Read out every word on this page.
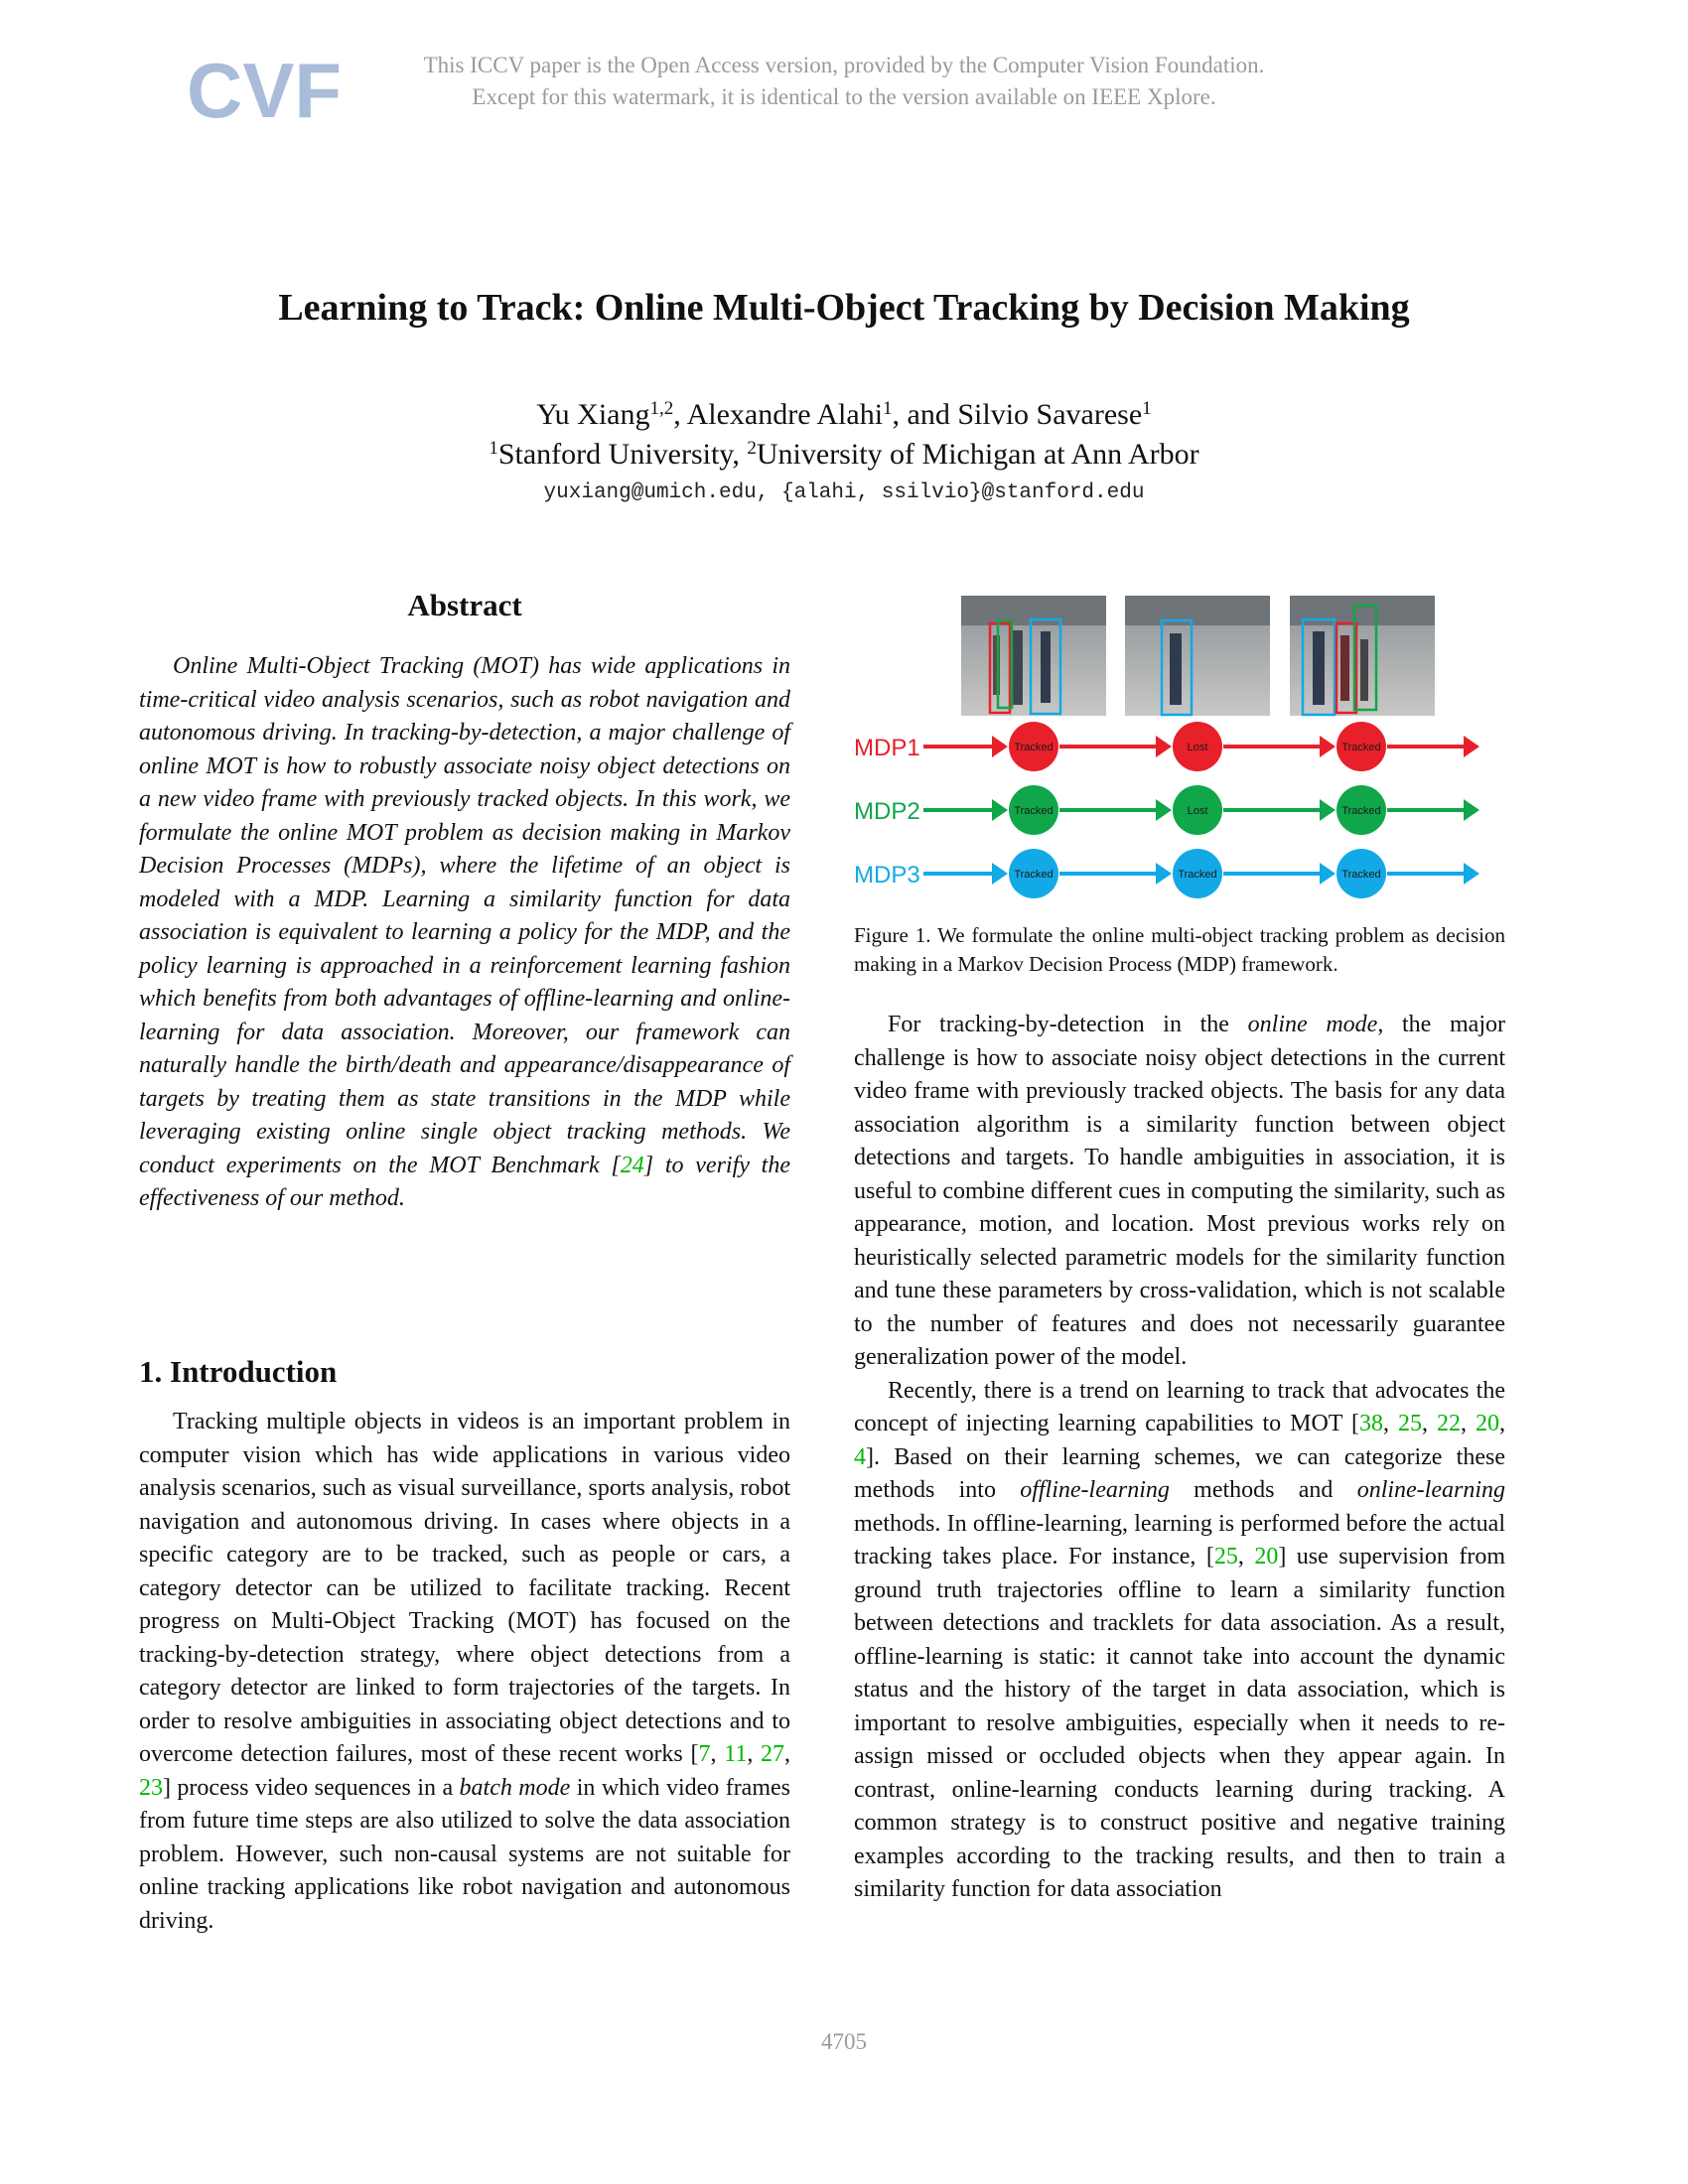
CVF	This ICCV paper is the Open Access version, provided by the Computer Vision Foundation.
Except for this watermark, it is identical to the version available on IEEE Xplore.
Learning to Track: Online Multi-Object Tracking by Decision Making
Yu Xiang$^{1,2}$, Alexandre Alahi$^1$, and Silvio Savarese$^1$
$^1$Stanford University, $^2$University of Michigan at Ann Arbor
yuxiang@umich.edu, {alahi, ssilvio}@stanford.edu
Abstract

Online Multi-Object Tracking (MOT) has wide applications in time-critical video analysis scenarios, such as robot navigation and autonomous driving. In tracking-by-detection, a major challenge of online MOT is how to robustly associate noisy object detections on a new video frame with previously tracked objects. In this work, we formulate the online MOT problem as decision making in Markov Decision Processes (MDPs), where the lifetime of an object is modeled with a MDP. Learning a similarity function for data association is equivalent to learning a policy for the MDP, and the policy learning is approached in a reinforcement learning fashion which benefits from both advantages of offline-learning and online-learning for data association. Moreover, our framework can naturally handle the birth/death and appearance/disappearance of targets by treating them as state transitions in the MDP while leveraging existing online single object tracking methods. We conduct experiments on the MOT Benchmark [24] to verify the effectiveness of our method.

1. Introduction

Tracking multiple objects in videos is an important problem in computer vision which has wide applications in various video analysis scenarios, such as visual surveillance, sports analysis, robot navigation and autonomous driving. In cases where objects in a specific category are to be tracked, such as people or cars, a category detector can be utilized to facilitate tracking. Recent progress on Multi-Object Tracking (MOT) has focused on the tracking-by-detection strategy, where object detections from a category detector are linked to form trajectories of the targets. In order to resolve ambiguities in associating object detections and to overcome detection failures, most of these recent works [7, 11, 27, 23] process video sequences in a batch mode in which video frames from future time steps are also utilized to solve the data association problem. However, such non-causal systems are not suitable for online tracking applications like robot navigation and autonomous driving.

MDP1	Tracked	Lost	Tracked
MDP2	Tracked	Lost	Tracked
MDP3	Tracked	Tracked	Tracked
Figure 1. We formulate the online multi-object tracking problem as decision making in a Markov Decision Process (MDP) framework.

For tracking-by-detection in the online mode, the major challenge is how to associate noisy object detections in the current video frame with previously tracked objects. The basis for any data association algorithm is a similarity function between object detections and targets. To handle ambiguities in association, it is useful to combine different cues in computing the similarity, such as appearance, motion, and location. Most previous works rely on heuristically selected parametric models for the similarity function and tune these parameters by cross-validation, which is not scalable to the number of features and does not necessarily guarantee generalization power of the model.

Recently, there is a trend on learning to track that advocates the concept of injecting learning capabilities to MOT [38, 25, 22, 20, 4]. Based on their learning schemes, we can categorize these methods into offline-learning methods and online-learning methods. In offline-learning, learning is performed before the actual tracking takes place. For instance, [25, 20] use supervision from ground truth trajectories offline to learn a similarity function between detections and tracklets for data association. As a result, offline-learning is static: it cannot take into account the dynamic status and the history of the target in data association, which is important to resolve ambiguities, especially when it needs to re-assign missed or occluded objects when they appear again. In contrast, online-learning conducts learning during tracking. A common strategy is to construct positive and negative training examples according to the tracking results, and then to train a similarity function for data association

4705
